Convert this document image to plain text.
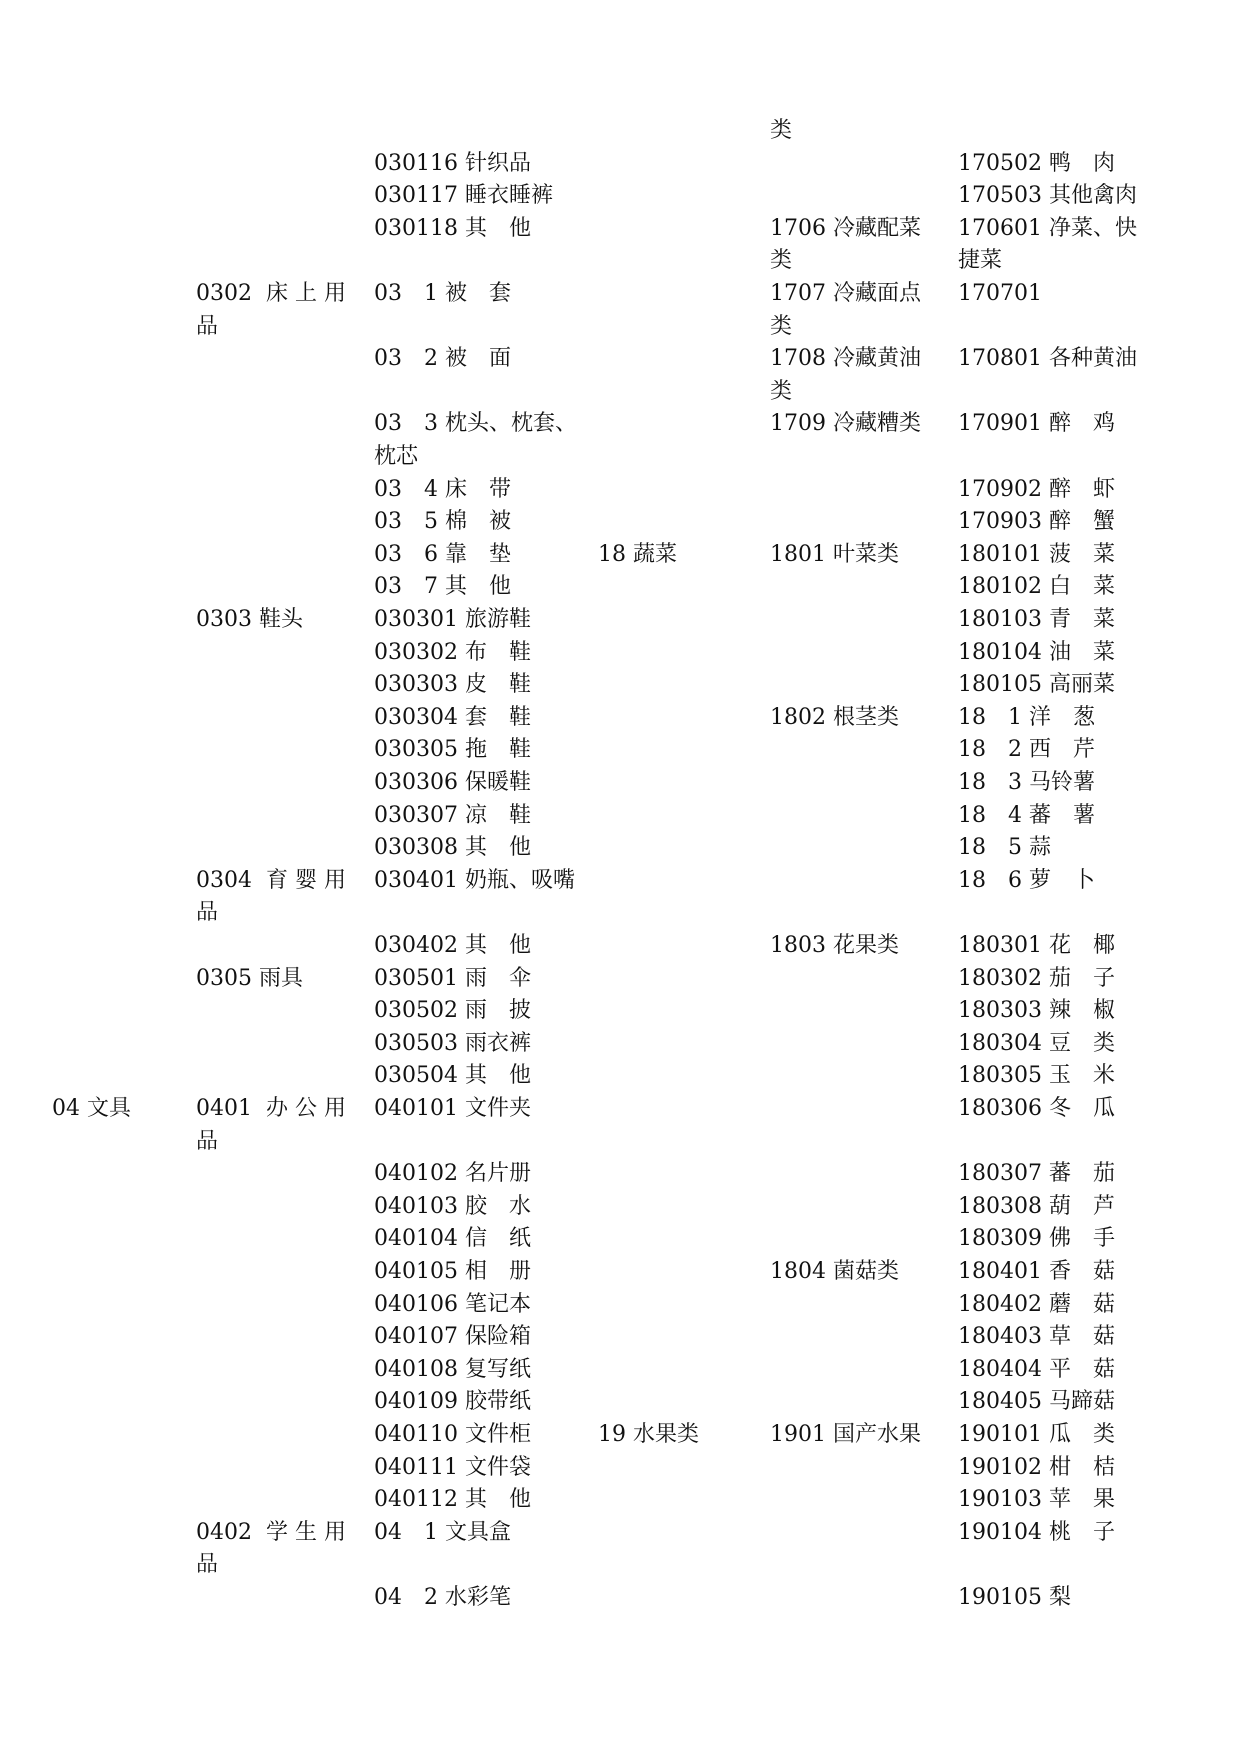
04 文具
0302  床 上 用
品
0303 鞋头
0304  育 婴 用
品
0305 雨具
0401  办 公 用
品
0402  学 生 用
品
030116 针织品
030117 睡衣睡裤
030118 其　他
03　1 被　套
03　2 被　面
03　3 枕头、枕套、
枕芯
03　4 床　带
03　5 棉　被
03　6 靠　垫
03　7 其　他
030301 旅游鞋
030302 布　鞋
030303 皮　鞋
030304 套　鞋
030305 拖　鞋
030306 保暖鞋
030307 凉　鞋
030308 其　他
030401 奶瓶、吸嘴
030402 其　他
030501 雨　伞
030502 雨　披
030503 雨衣裤
030504 其　他
040101 文件夹
040102 名片册
040103 胶　水
040104 信　纸
040105 相　册
040106 笔记本
040107 保险箱
040108 复写纸
040109 胶带纸
040110 文件柜
040111 文件袋
040112 其　他
04　1 文具盒
04　2 水彩笔
18 蔬菜
19 水果类
类
1706 冷藏配菜
类
1707 冷藏面点
类
1708 冷藏黄油
类
1709 冷藏糟类
1801 叶菜类
1802 根茎类
1803 花果类
1804 菌菇类
1901 国产水果
170502 鸭　肉
170503 其他禽肉
170601 净菜、快
捷菜
170701
170801 各种黄油
170901 醉　鸡
170902 醉　虾
170903 醉　蟹
180101 菠　菜
180102 白　菜
180103 青　菜
180104 油　菜
180105 高丽菜
18　1 洋　葱
18　2 西　芹
18　3 马铃薯
18　4 蕃　薯
18　5 蒜
18　6 萝　卜
180301 花　椰
180302 茄　子
180303 辣　椒
180304 豆　类
180305 玉　米
180306 冬　瓜
180307 蕃　茄
180308 葫　芦
180309 佛　手
180401 香　菇
180402 蘑　菇
180403 草　菇
180404 平　菇
180405 马蹄菇
190101 瓜　类
190102 柑　桔
190103 苹　果
190104 桃　子
190105 梨
